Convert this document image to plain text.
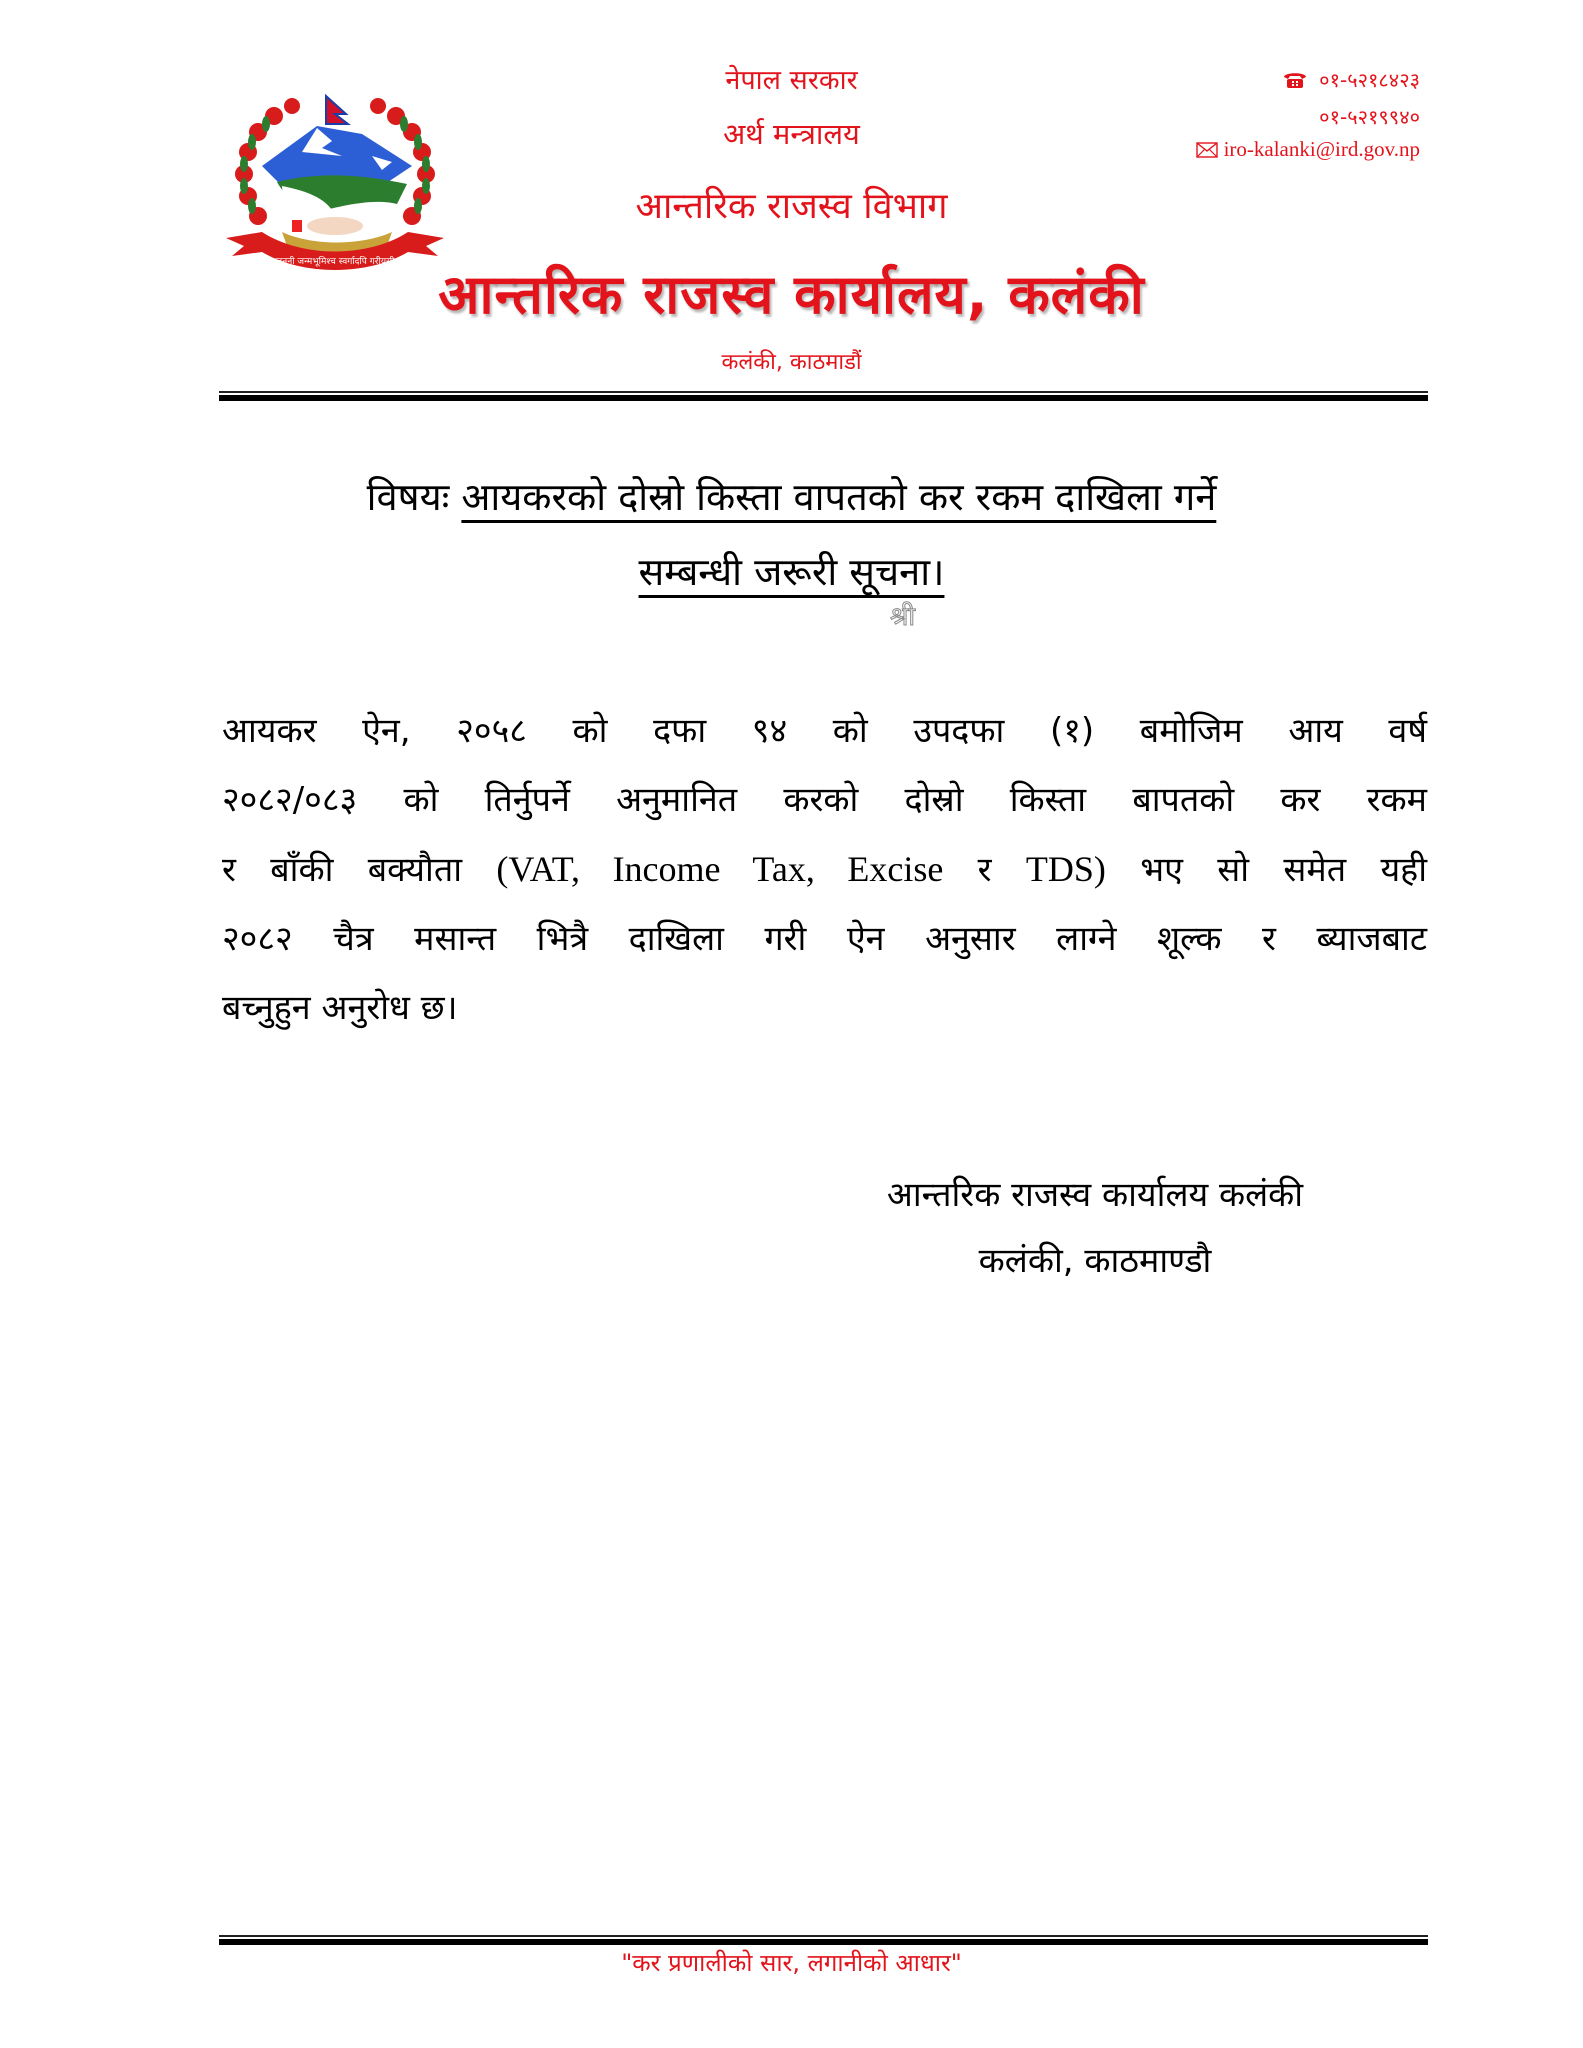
जननी जन्मभूमिश्च स्वर्गादपि गरीयसी
नेपाल सरकार
अर्थ मन्त्रालय
आन्तरिक राजस्व विभाग
आन्तरिक राजस्व कार्यालय, कलंकी
कलंकी, काठमाडौं
०१-५२१८४२३
०१-५२१९९४०
iro-kalanki@ird.gov.np
विषयः आयकरको दोस्रो किस्ता वापतको कर रकम दाखिला गर्ने
सम्बन्धी जरूरी सूचना।
श्री
आयकर ऐन, २०५८ को दफा ९४ को उपदफा (१) बमोजिम आय वर्ष
२०८२/०८३ को तिर्नुपर्ने अनुमानित करको दोस्रो किस्ता बापतको कर रकम
र बाँकी बक्यौता (VAT, Income Tax, Excise र TDS) भए सो समेत यही
२०८२ चैत्र मसान्त भित्रै दाखिला गरी ऐन अनुसार लाग्ने शूल्क र ब्याजबाट
बच्नुहुन अनुरोध छ।
आन्तरिक राजस्व कार्यालय कलंकी
कलंकी, काठमाण्डौ
"कर प्रणालीको सार, लगानीको आधार"
